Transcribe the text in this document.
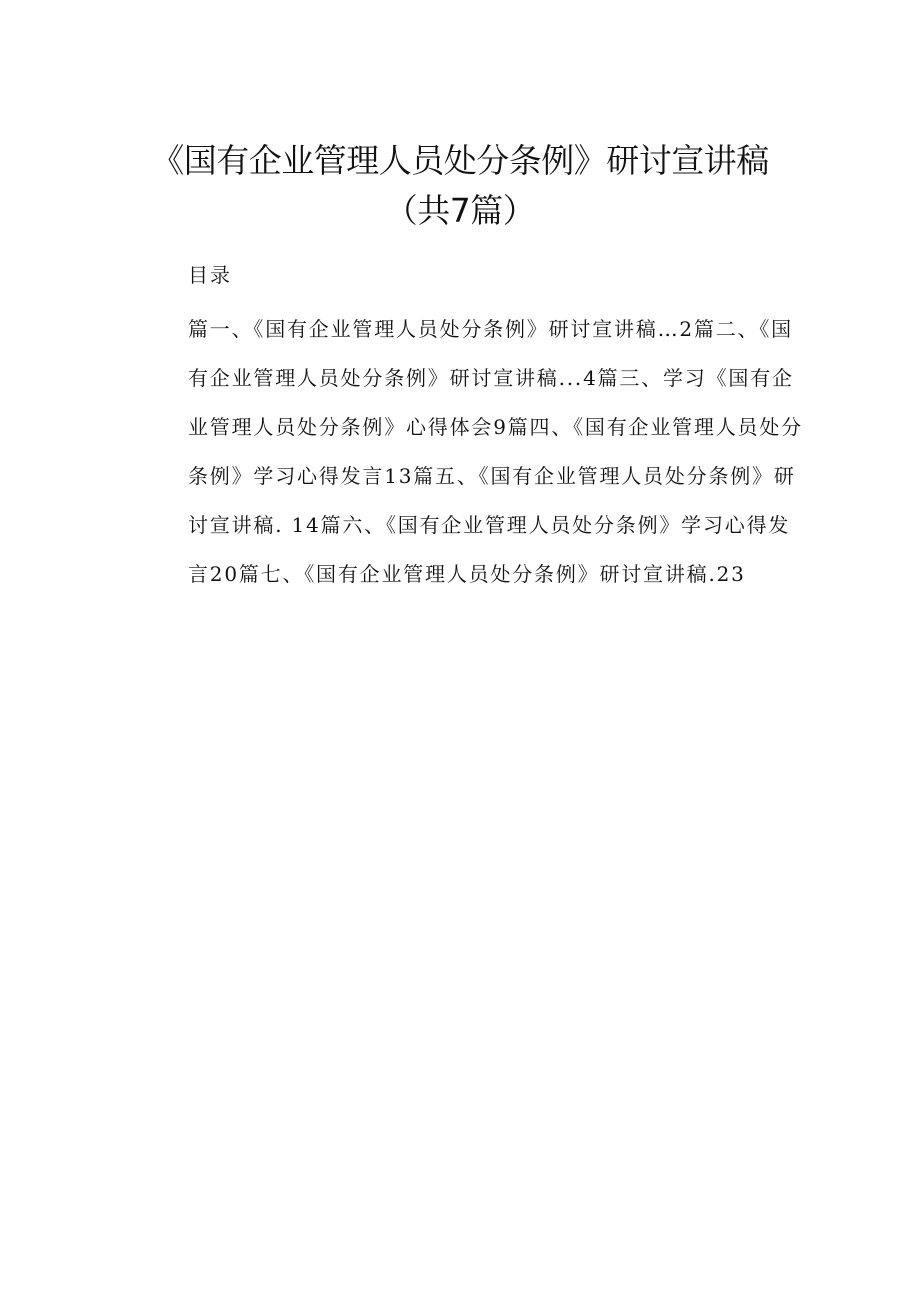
《国有企业管理人员处分条例》研讨宣讲稿
（共7篇）
目录

篇一、《国有企业管理人员处分条例》研讨宣讲稿…2篇二、《国有企业管理人员处分条例》研讨宣讲稿...4篇三、学习《国有企业管理人员处分条例》心得体会9篇四、《国有企业管理人员处分条例》学习心得发言13篇五、《国有企业管理人员处分条例》研讨宣讲稿. 14篇六、《国有企业管理人员处分条例》学习心得发言20篇七、《国有企业管理人员处分条例》研讨宣讲稿.23
